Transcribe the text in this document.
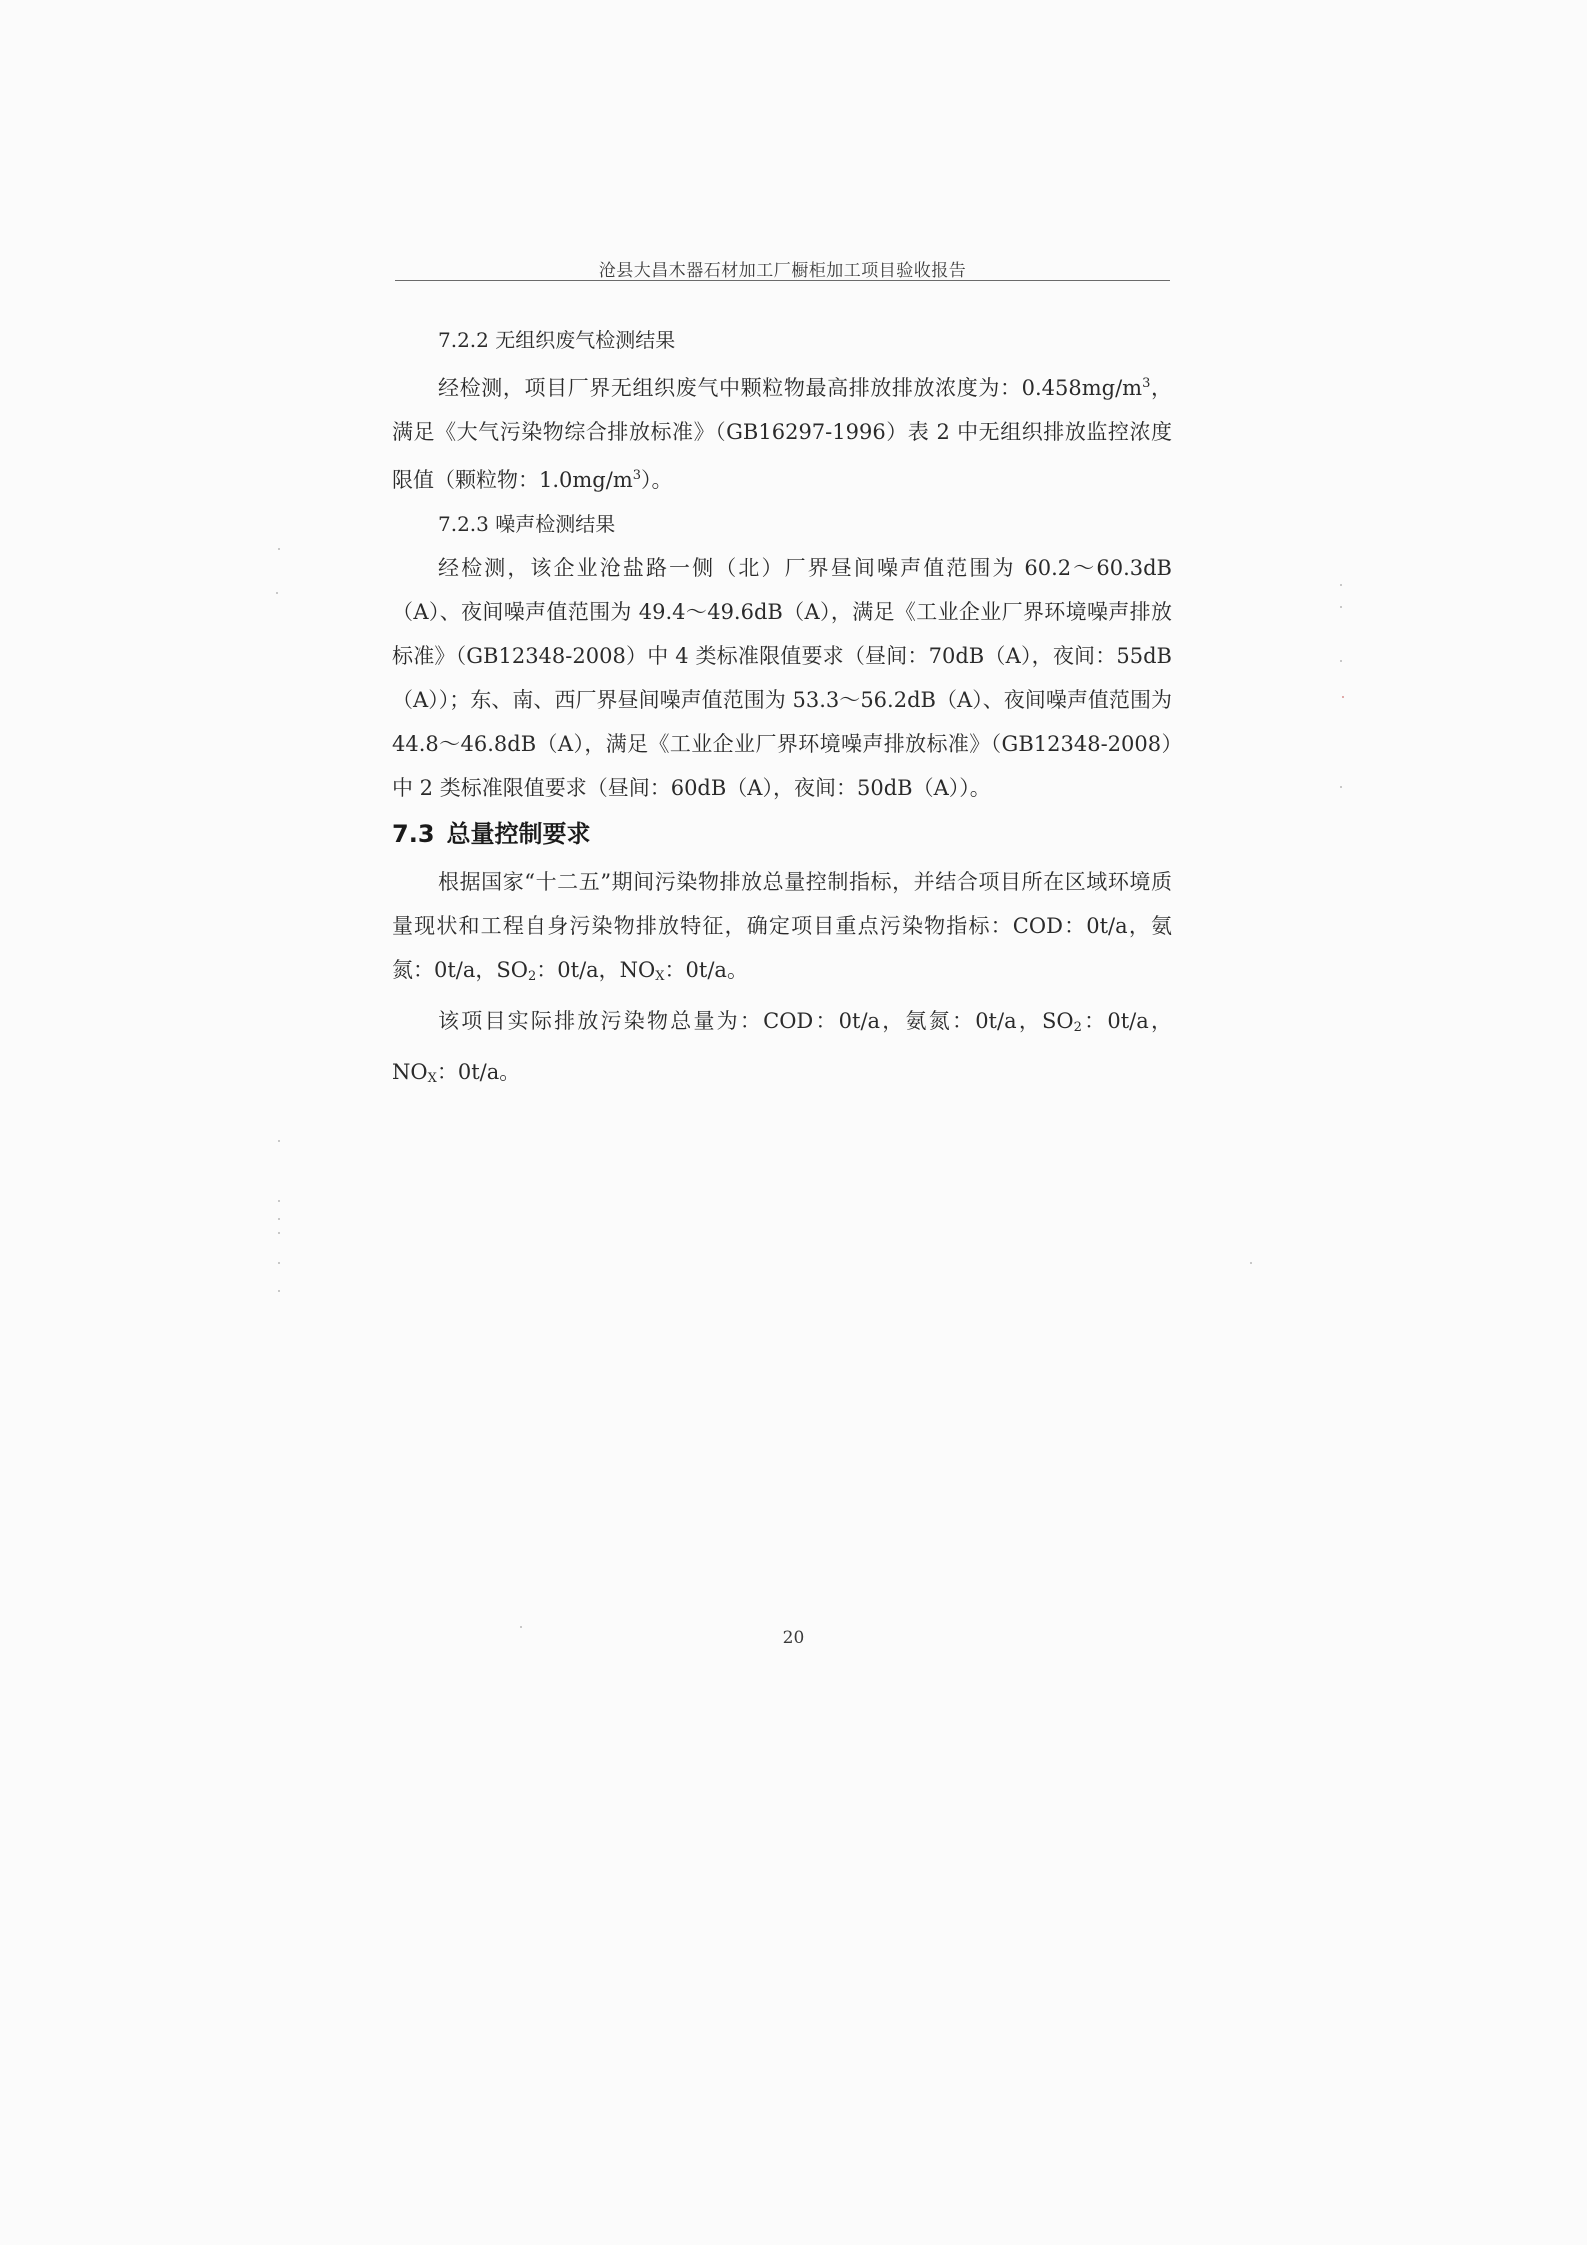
沧县大昌木器石材加工厂橱柜加工项目验收报告
7.2.2 无组织废气检测结果

经检测，项目厂界无组织废气中颗粒物最高排放排放浓度为：$0.458mg/m^3$，满足《大气污染物综合排放标准》（GB16297-1996）表 2 中无组织排放监控浓度限值（颗粒物：$1.0mg/m^3$）。

7.2.3 噪声检测结果

经检测，该企业沧盐路一侧（北）厂界昼间噪声值范围为 60.2～60.3dB（A）、夜间噪声值范围为 49.4～49.6dB（A），满足《工业企业厂界环境噪声排放标准》（GB12348-2008）中 4 类标准限值要求（昼间：70dB（A），夜间：55dB（A））；东、南、西厂界昼间噪声值范围为 53.3～56.2dB（A）、夜间噪声值范围为 44.8～46.8dB（A），满足《工业企业厂界环境噪声排放标准》（GB12348-2008）中 2 类标准限值要求（昼间：60dB（A），夜间：50dB（A））。

7.3 总量控制要求

根据国家“十二五”期间污染物排放总量控制指标，并结合项目所在区域环境质量现状和工程自身污染物排放特征，确定项目重点污染物指标：COD：0t/a，氨氮：0t/a，$SO_2$：0t/a，$NO_X$：0t/a。

该项目实际排放污染物总量为：COD：0t/a，氨氮：0t/a，$SO_2$：0t/a，$NO_X$：0t/a。

20
